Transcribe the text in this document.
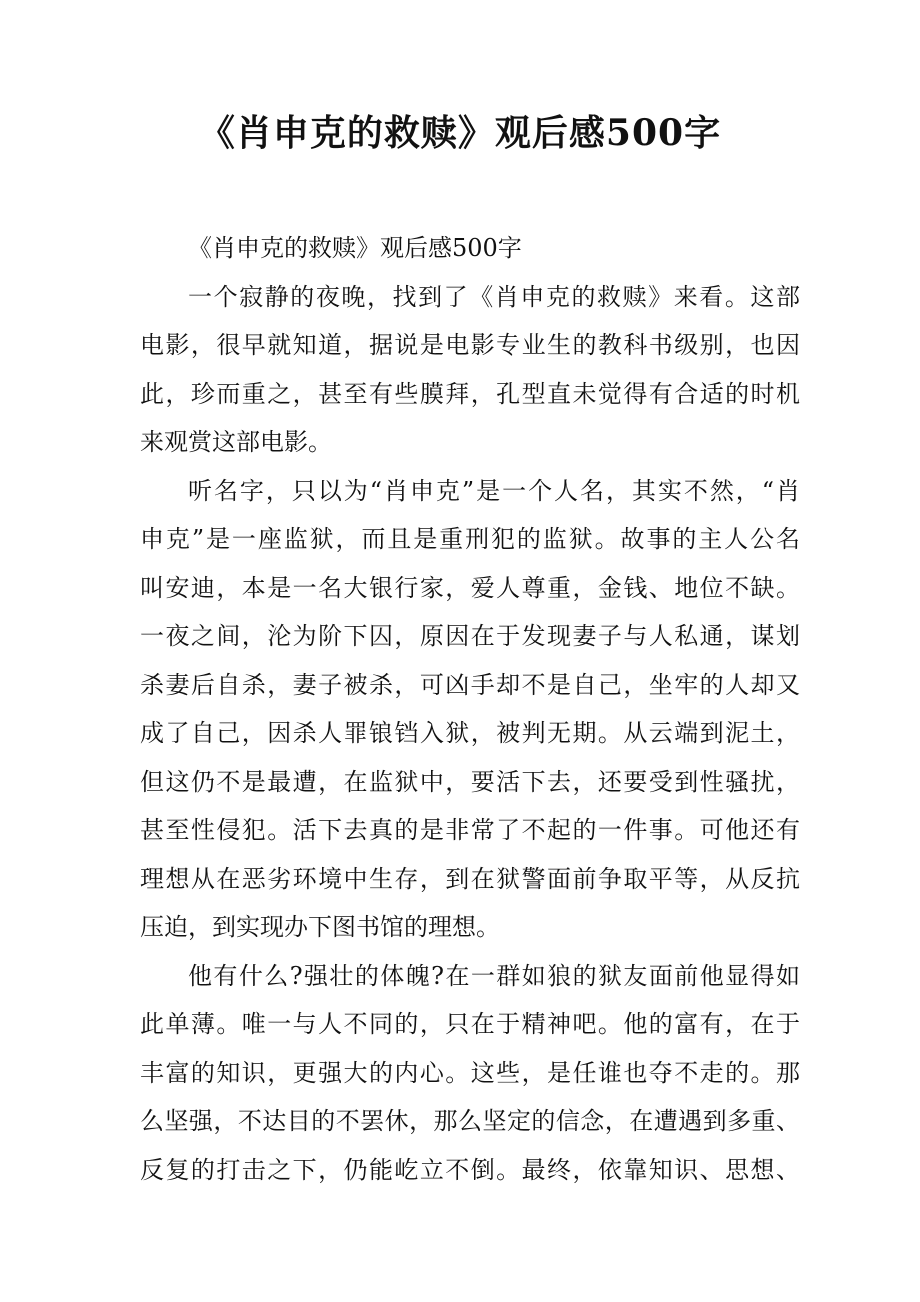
《肖申克的救赎》观后感500字
《肖申克的救赎》观后感500字
一个寂静的夜晚，找到了《肖申克的救赎》来看。这部
电影，很早就知道，据说是电影专业生的教科书级别，也因
此，珍而重之，甚至有些膜拜，孔型直未觉得有合适的时机
来观赏这部电影。
听名字，只以为“肖申克”是一个人名，其实不然，“肖
申克”是一座监狱，而且是重刑犯的监狱。故事的主人公名
叫安迪，本是一名大银行家，爱人尊重，金钱、地位不缺。
一夜之间，沦为阶下囚，原因在于发现妻子与人私通，谋划
杀妻后自杀，妻子被杀，可凶手却不是自己，坐牢的人却又
成了自己，因杀人罪锒铛入狱，被判无期。从云端到泥土，
但这仍不是最遭，在监狱中，要活下去，还要受到性骚扰，
甚至性侵犯。活下去真的是非常了不起的一件事。可他还有
理想从在恶劣环境中生存，到在狱警面前争取平等，从反抗
压迫，到实现办下图书馆的理想。
他有什么?强壮的体魄?在一群如狼的狱友面前他显得如
此单薄。唯一与人不同的，只在于精神吧。他的富有，在于
丰富的知识，更强大的内心。这些，是任谁也夺不走的。那
么坚强，不达目的不罢休，那么坚定的信念，在遭遇到多重、
反复的打击之下，仍能屹立不倒。最终，依靠知识、思想、
